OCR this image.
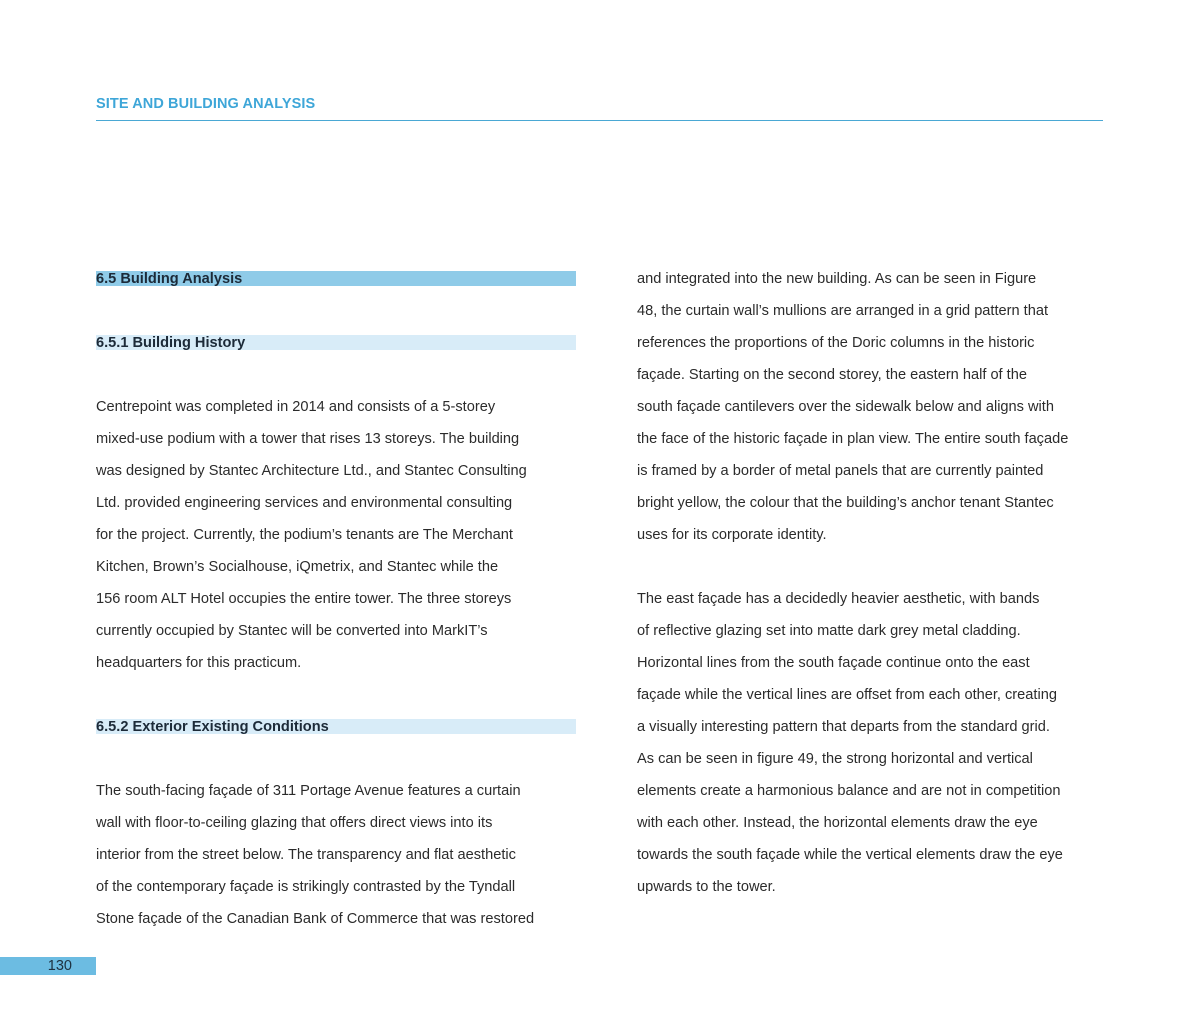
SITE AND BUILDING ANALYSIS
6.5 Building Analysis
6.5.1 Building History
Centrepoint was completed in 2014 and consists of a 5-storey
mixed-use podium with a tower that rises 13 storeys. The building
was designed by Stantec Architecture Ltd., and Stantec Consulting
Ltd. provided engineering services and environmental consulting
for the project. Currently, the podium’s tenants are The Merchant
Kitchen, Brown’s Socialhouse, iQmetrix, and Stantec while the
156 room ALT Hotel occupies the entire tower. The three storeys
currently occupied by Stantec will be converted into MarkIT’s
headquarters for this practicum.
6.5.2 Exterior Existing Conditions
The south-facing façade of 311 Portage Avenue features a curtain
wall with floor-to-ceiling glazing that offers direct views into its
interior from the street below. The transparency and flat aesthetic
of the contemporary façade is strikingly contrasted by the Tyndall
Stone façade of the Canadian Bank of Commerce that was restored
and integrated into the new building. As can be seen in Figure
48, the curtain wall’s mullions are arranged in a grid pattern that
references the proportions of the Doric columns in the historic
façade. Starting on the second storey, the eastern half of the
south façade cantilevers over the sidewalk below and aligns with
the face of the historic façade in plan view. The entire south façade
is framed by a border of metal panels that are currently painted
bright yellow, the colour that the building’s anchor tenant Stantec
uses for its corporate identity.
The east façade has a decidedly heavier aesthetic, with bands
of reflective glazing set into matte dark grey metal cladding.
Horizontal lines from the south façade continue onto the east
façade while the vertical lines are offset from each other, creating
a visually interesting pattern that departs from the standard grid.
As can be seen in figure 49, the strong horizontal and vertical
elements create a harmonious balance and are not in competition
with each other. Instead, the horizontal elements draw the eye
towards the south façade while the vertical elements draw the eye
upwards to the tower.
130
